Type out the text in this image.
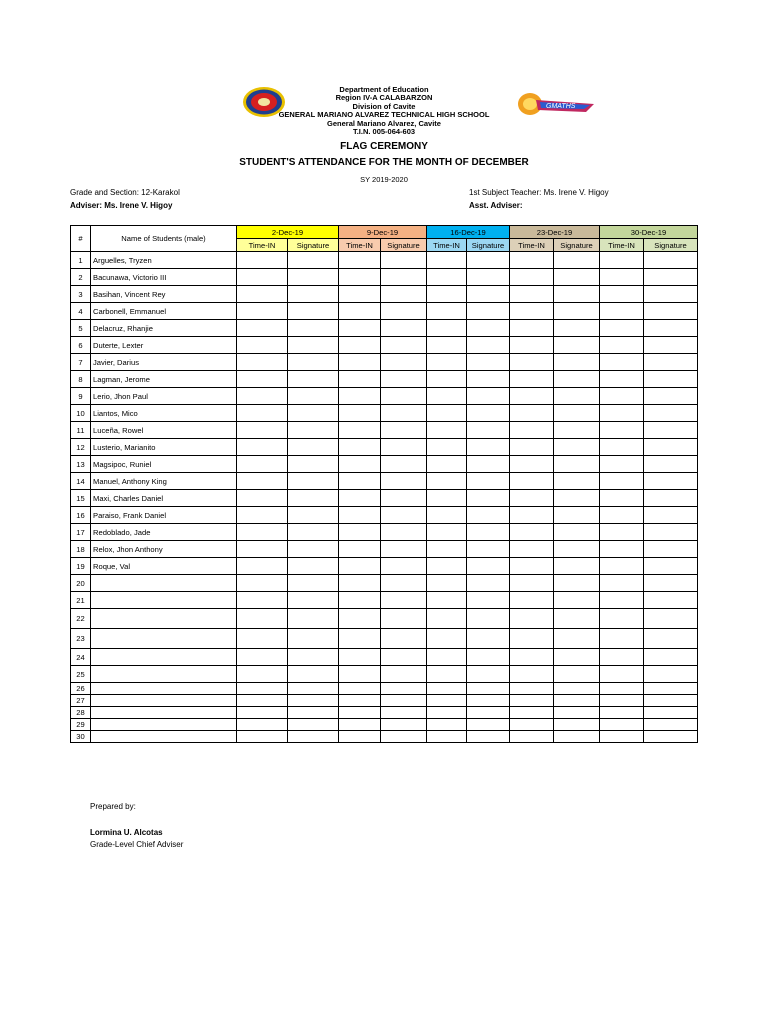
GMATHS
Department of Education
Region IV-A CALABARZON
Division of Cavite
GENERAL MARIANO ALVAREZ TECHNICAL HIGH SCHOOL
General Mariano Alvarez, Cavite
T.I.N. 005-064-603
FLAG CEREMONY
STUDENT'S ATTENDANCE FOR THE MONTH OF DECEMBER
SY 2019-2020
Grade and Section: 12-Karakol
Adviser: Ms. Irene V. Higoy
1st Subject Teacher: Ms. Irene V. Higoy
Asst. Adviser:
#	Name of Students (male)	2-Dec-19		9-Dec-19		16-Dec-19		23-Dec-19		30-Dec-19	
		Time-IN	Signature	Time-IN	Signature	Time-IN	Signature	Time-IN	Signature	Time-IN	Signature
1	Arguelles, Tryzen										
2	Bacunawa, Victorio III										
3	Basihan, Vincent Rey										
4	Carbonell, Emmanuel										
5	Delacruz, Rhanjie										
6	Duterte, Lexter										
7	Javier, Darius										
8	Lagman, Jerome										
9	Lerio, Jhon Paul										
10	Liantos, Mico										
11	Luceña, Rowel										
12	Lusterio, Marianito										
13	Magsipoc, Runiel										
14	Manuel, Anthony King										
15	Maxi, Charles Daniel										
16	Paraiso, Frank Daniel										
17	Redoblado, Jade										
18	Relox, Jhon Anthony										
19	Roque, Val										
20											
21											
22											
23											
24											
25											
26											
27											
28											
29											
30											
Prepared by:
Lormina U. Alcotas
Grade-Level Chief Adviser
